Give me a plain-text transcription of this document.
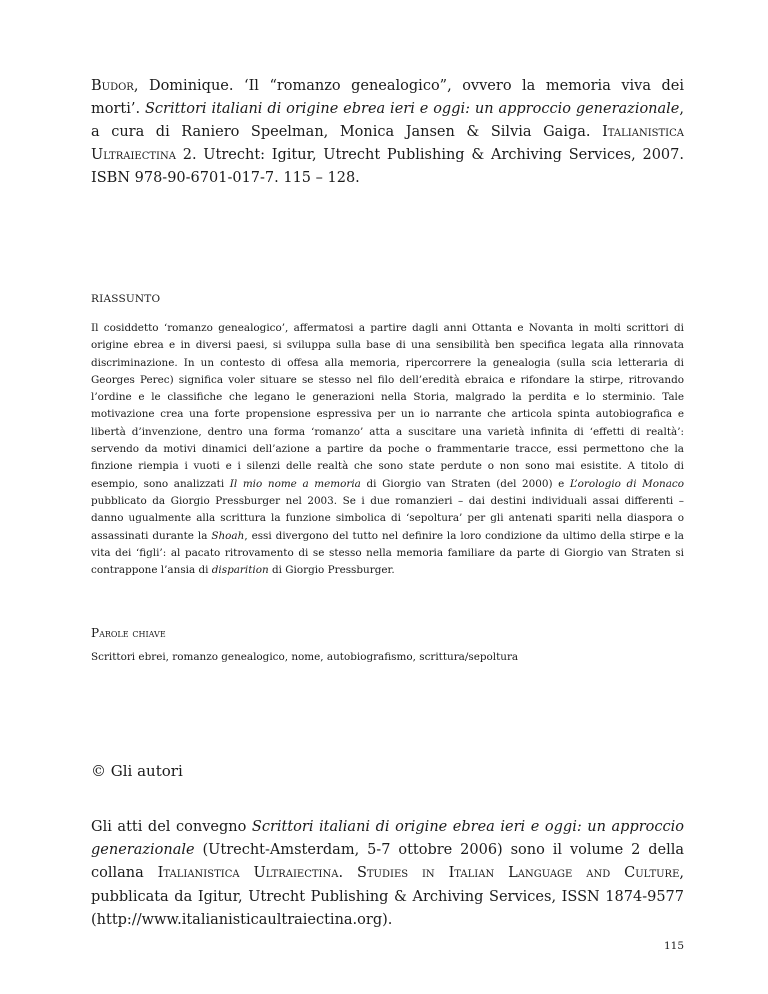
Budor, Dominique. ‘Il “romanzo genealogico”, ovvero la memoria viva dei morti’. Scrittori italiani di origine ebrea ieri e oggi: un approccio generazionale, a cura di Raniero Speelman, Monica Jansen & Silvia Gaiga. Italianistica Ultraiectina 2. Utrecht: Igitur, Utrecht Publishing & Archiving Services, 2007. ISBN 978-90-6701-017-7. 115 – 128.

RIASSUNTO

Il cosiddetto ‘romanzo genealogico’, affermatosi a partire dagli anni Ottanta e Novanta in molti scrittori di origine ebrea e in diversi paesi, si sviluppa sulla base di una sensibilità ben specifica legata alla rinnovata discriminazione. In un contesto di offesa alla memoria, ripercorrere la genealogia (sulla scia letteraria di Georges Perec) significa voler situare se stesso nel filo dell’eredità ebraica e rifondare la stirpe, ritrovando l’ordine e le classifiche che legano le generazioni nella Storia, malgrado la perdita e lo sterminio. Tale motivazione crea una forte propensione espressiva per un io narrante che articola spinta autobiografica e libertà d’invenzione, dentro una forma ‘romanzo’ atta a suscitare una varietà infinita di ‘effetti di realtà’: servendo da motivi dinamici dell’azione a partire da poche o frammentarie tracce, essi permettono che la finzione riempia i vuoti e i silenzi delle realtà che sono state perdute o non sono mai esistite. A titolo di esempio, sono analizzati Il mio nome a memoria di Giorgio van Straten (del 2000) e L’orologio di Monaco pubblicato da Giorgio Pressburger nel 2003. Se i due romanzieri – dai destini individuali assai differenti – danno ugualmente alla scrittura la funzione simbolica di ‘sepoltura’ per gli antenati spariti nella diaspora o assassinati durante la Shoah, essi divergono del tutto nel definire la loro condizione da ultimo della stirpe e la vita dei ‘figli’: al pacato ritrovamento di se stesso nella memoria familiare da parte di Giorgio van Straten si contrappone l’ansia di disparition di Giorgio Pressburger.

Parole chiave

Scrittori ebrei, romanzo genealogico, nome, autobiografismo, scrittura/sepoltura

© Gli autori

Gli atti del convegno Scrittori italiani di origine ebrea ieri e oggi: un approccio generazionale (Utrecht-Amsterdam, 5-7 ottobre 2006) sono il volume 2 della collana Italianistica Ultraiectina. Studies in Italian Language and Culture, pubblicata da Igitur, Utrecht Publishing & Archiving Services, ISSN 1874-9577 (http://www.italianisticaultraiectina.org).

115
